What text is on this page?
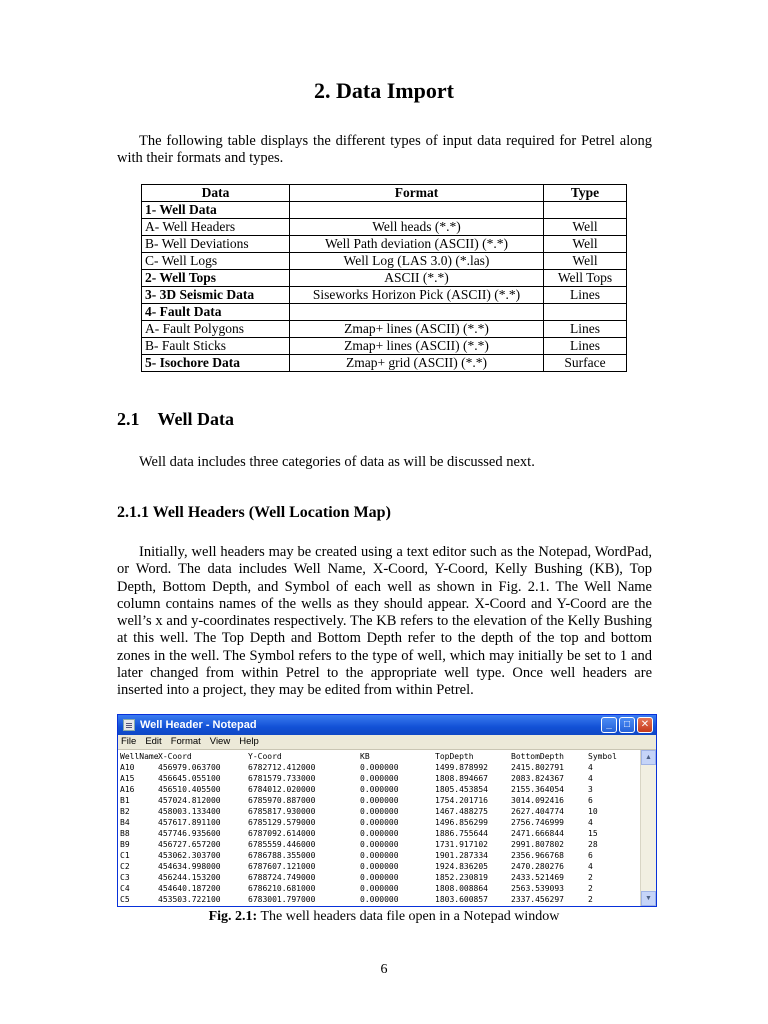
2. Data Import

The following table displays the different types of input data required for Petrel along with their formats and types.

Data	Format	Type
1- Well Data		
A- Well Headers	Well heads (*.*)	Well
B- Well Deviations	Well Path deviation (ASCII) (*.*)	Well
C- Well Logs	Well Log (LAS 3.0) (*.las)	Well
2- Well Tops	ASCII (*.*)	Well Tops
3- 3D Seismic Data	Siseworks Horizon Pick (ASCII) (*.*)	Lines
4- Fault Data		
A- Fault Polygons	Zmap+ lines (ASCII) (*.*)	Lines
B- Fault Sticks	Zmap+ lines (ASCII) (*.*)	Lines
5- Isochore Data	Zmap+ grid (ASCII) (*.*)	Surface
2.1 Well Data

Well data includes three categories of data as will be discussed next.

2.1.1 Well Headers (Well Location Map)

Initially, well headers may be created using a text editor such as the Notepad, WordPad, or Word. The data includes Well Name, X-Coord, Y-Coord, Kelly Bushing (KB), Top Depth, Bottom Depth, and Symbol of each well as shown in Fig. 2.1. The Well Name column contains names of the wells as they should appear. X-Coord and Y-Coord are the well’s x and y-coordinates respectively. The KB refers to the elevation of the Kelly Bushing at this well. The Top Depth and Bottom Depth refer to the depth of the top and bottom zones in the well. The Symbol refers to the type of well, which may initially be set to 1 and later changed from within Petrel to the appropriate well type. Once well headers are inserted into a project, they may be edited from within Petrel.

Well Header - Notepad	_	□	✕
File Edit Format View Help
WellName X-Coord	Y-Coord	KB	TopDepth	BottomDepth	Symbol
A10	456979.063700	6782712.412000	0.000000	1499.878992	2415.802791	4
A15	456645.055100	6781579.733000	0.000000	1808.894667	2083.824367	4
A16	456510.405500	6784012.020000	0.000000	1805.453854	2155.364054	3
B1	457024.812000	6785970.887000	0.000000	1754.201716	3014.092416	6
B2	458003.133400	6785817.930000	0.000000	1467.488275	2627.404774	10
B4	457617.891100	6785129.579000	0.000000	1496.856299	2756.746999	4
B8	457746.935600	6787092.614000	0.000000	1886.755644	2471.666844	15
B9	456727.657200	6785559.446000	0.000000	1731.917102	2991.807802	28
C1	453062.303700	6786788.355000	0.000000	1901.287334	2356.966768	6
C2	454634.998000	6787607.121000	0.000000	1924.836205	2470.280276	4
C3	456244.153200	6788724.749000	0.000000	1852.230819	2433.521469	2
C4	454640.187200	6786210.681000	0.000000	1808.008864	2563.539093	2
C5	453503.722100	6783001.797000	0.000000	1803.600857	2337.456297	2
▲
▼
Fig. 2.1: The well headers data file open in a Notepad window
6
